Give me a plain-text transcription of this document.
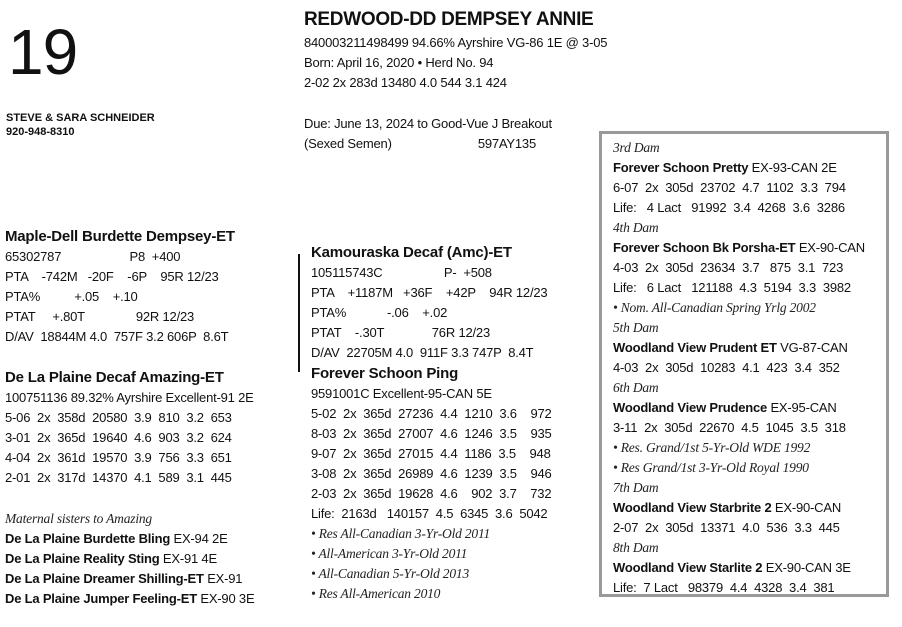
19
STEVE & SARA SCHNEIDER
920-948-8310
REDWOOD-DD DEMPSEY ANNIE
840003211498499 94.66% Ayrshire VG-86 1E @ 3-05
Born: April 16, 2020 • Herd No. 94
2-02 2x 283d 13480 4.0 544 3.1 424
Due: June 13, 2024 to Good-Vue J Breakout
(Sexed Semen)	597AY135
Maple-Dell Burdette Dempsey-ET
65302787                    P8  +400
PTA    -742M   -20F    -6P    95R 12/23
PTA%          +.05    +.10
PTAT     +.80T               92R 12/23
D/AV  18844M 4.0  757F 3.2 606P  8.6T
De La Plaine Decaf Amazing-ET
100751136 89.32% Ayrshire Excellent-91 2E
5-06  2x  358d  20580  3.9  810  3.2  653
3-01  2x  365d  19640  4.6  903  3.2  624
4-04  2x  361d  19570  3.9  756  3.3  651
2-01  2x  317d  14370  4.1  589  3.1  445
Maternal sisters to Amazing
De La Plaine Burdette Bling EX-94 2E
De La Plaine Reality Sting EX-91 4E
De La Plaine Dreamer Shilling-ET EX-91
De La Plaine Jumper Feeling-ET EX-90 3E
Kamouraska Decaf (Amc)-ET
105115743C                  P-  +508
PTA    +1187M   +36F    +42P    94R 12/23
PTA%            -.06    +.02
PTAT    -.30T              76R 12/23
D/AV  22705M 4.0  911F 3.3 747P  8.4T
Forever Schoon Ping
9591001C Excellent-95-CAN 5E
5-02  2x  365d  27236  4.4  1210  3.6    972
8-03  2x  365d  27007  4.6  1246  3.5    935
9-07  2x  365d  27015  4.4  1186  3.5    948
3-08  2x  365d  26989  4.6  1239  3.5    946
2-03  2x  365d  19628  4.6    902  3.7    732
Life:  2163d   140157  4.5  6345  3.6  5042
• Res All-Canadian 3-Yr-Old 2011
• All-American 3-Yr-Old 2011
• All-Canadian 5-Yr-Old 2013
• Res All-American 2010
3rd Dam
Forever Schoon Pretty EX-93-CAN 2E
6-07  2x  305d  23702  4.7  1102  3.3  794
Life:   4 Lact   91992  3.4  4268  3.6  3286
4th Dam
Forever Schoon Bk Porsha-ET EX-90-CAN
4-03  2x  305d  23634  3.7   875  3.1  723
Life:   6 Lact   121188  4.3  5194  3.3  3982
• Nom. All-Canadian Spring Yrlg 2002
5th Dam
Woodland View Prudent ET VG-87-CAN
4-03  2x  305d  10283  4.1  423  3.4  352
6th Dam
Woodland View Prudence EX-95-CAN
3-11  2x  305d  22670  4.5  1045  3.5  318
• Res. Grand/1st 5-Yr-Old WDE 1992
• Res Grand/1st 3-Yr-Old Royal 1990
7th Dam
Woodland View Starbrite 2 EX-90-CAN
2-07  2x  305d  13371  4.0  536  3.3  445
8th Dam
Woodland View Starlite 2 EX-90-CAN 3E
Life:  7 Lact   98379  4.4  4328  3.4  381
